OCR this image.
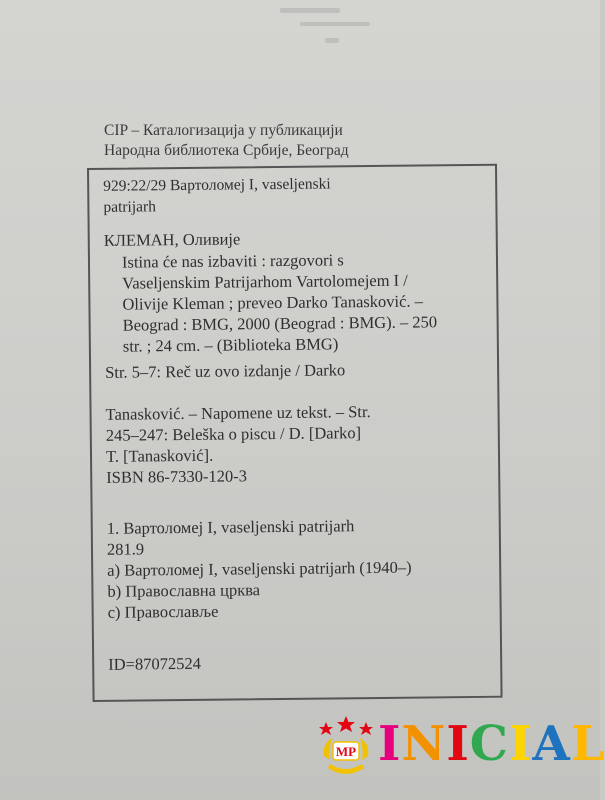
CIP – Каталогизација у публикацији
Народна библиотека Србије, Београд
929:22/29 Вартоломеј I, vaseljenski
patrijarh
КЛЕМАН, Оливије
Istina će nas izbaviti : razgovori s
Vaseljenskim Patrijarhom Vartolomejem I /
Olivije Kleman ; preveo Darko Tanasković. –
Beograd : BMG, 2000 (Beograd : BMG). – 250
str. ; 24 cm. – (Biblioteka BMG)
Str. 5–7: Reč uz ovo izdanje / Darko
Tanasković. – Napomene uz tekst. – Str.
245–247: Beleška o piscu / D. [Darko]
T. [Tanasković].
ISBN 86-7330-120-3
1. Вартоломеј I, vaseljenski patrijarh
281.9
a) Вартоломеј I, vaseljenski patrijarh (1940–)
b) Православна црква
c) Православље
ID=87072524
MP INICIAL
